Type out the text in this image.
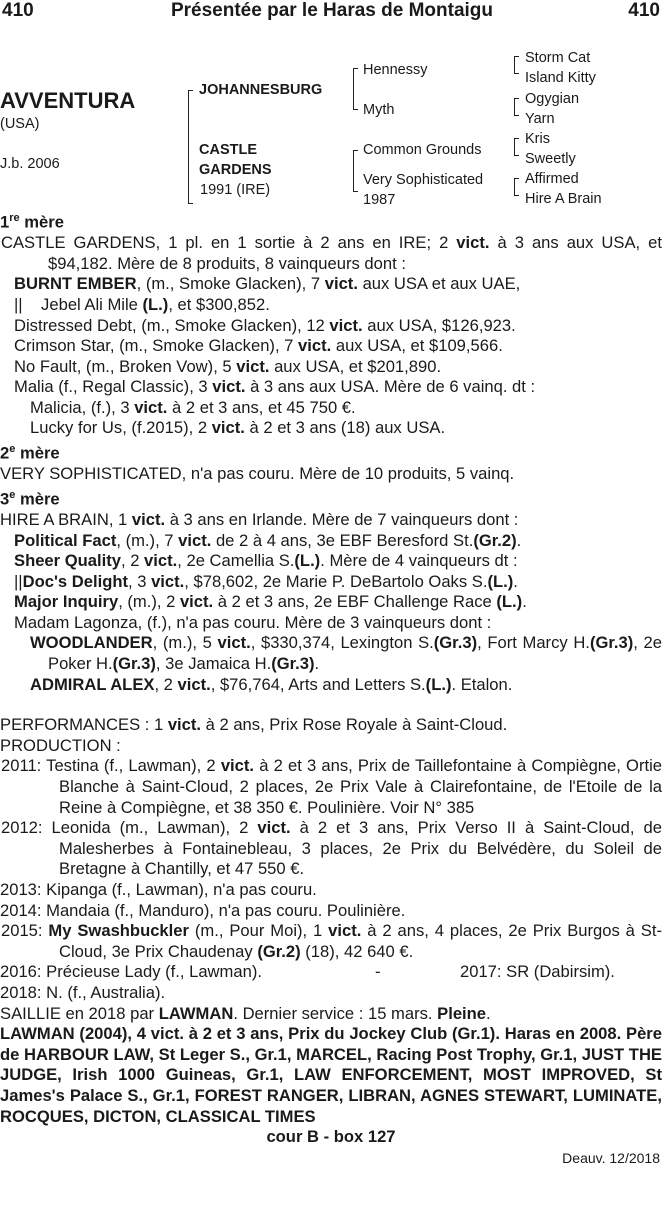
410	Présentée par le Haras de Montaigu	410
AVVENTURA
(USA)
J.b. 2006
JOHANNESBURG
CASTLE
GARDENS
1991 (IRE)
Hennessy
Myth
Common Grounds
Very Sophisticated
1987
Storm Cat
Island Kitty
Ogygian
Yarn
Kris
Sweetly
Affirmed
Hire A Brain

1re mère

CASTLE GARDENS, 1 pl. en 1 sortie à 2 ans en IRE; 2 vict. à 3 ans aux USA, et $94,182. Mère de 8 produits, 8 vainqueurs dont :

BURNT EMBER, (m., Smoke Glacken), 7 vict. aux USA et aux UAE,

||    Jebel Ali Mile (L.), et $300,852.

Distressed Debt, (m., Smoke Glacken), 12 vict. aux USA, $126,923.

Crimson Star, (m., Smoke Glacken), 7 vict. aux USA, et $109,566.

No Fault, (m., Broken Vow), 5 vict. aux USA, et $201,890.

Malia (f., Regal Classic), 3 vict. à 3 ans aux USA. Mère de 6 vainq. dt :

Malicia, (f.), 3 vict. à 2 et 3 ans, et 45 750 €.

Lucky for Us, (f.2015), 2 vict. à 2 et 3 ans (18) aux USA.

2e mère

VERY SOPHISTICATED, n'a pas couru. Mère de 10 produits, 5 vainq.

3e mère

HIRE A BRAIN, 1 vict. à 3 ans en Irlande. Mère de 7 vainqueurs dont :

Political Fact, (m.), 7 vict. de 2 à 4 ans, 3e EBF Beresford St.(Gr.2).

Sheer Quality, 2 vict., 2e Camellia S.(L.). Mère de 4 vainqueurs dt :

||Doc's Delight, 3 vict., $78,602, 2e Marie P. DeBartolo Oaks S.(L.).

Major Inquiry, (m.), 2 vict. à 2 et 3 ans, 2e EBF Challenge Race (L.).

Madam Lagonza, (f.), n'a pas couru. Mère de 3 vainqueurs dont :

WOODLANDER, (m.), 5 vict., $330,374, Lexington S.(Gr.3), Fort Marcy H.(Gr.3), 2e Poker H.(Gr.3), 3e Jamaica H.(Gr.3).

ADMIRAL ALEX, 2 vict., $76,764, Arts and Letters S.(L.). Etalon.

PERFORMANCES : 1 vict. à 2 ans, Prix Rose Royale à Saint-Cloud.

PRODUCTION :

2011: Testina (f., Lawman), 2 vict. à 2 et 3 ans, Prix de Taillefontaine à Compiègne, Ortie Blanche à Saint-Cloud, 2 places, 2e Prix Vale à Clairefontaine, de l'Etoile de la Reine à Compiègne, et 38 350 €. Poulinière. Voir N° 385

2012: Leonida (m., Lawman), 2 vict. à 2 et 3 ans, Prix Verso II à Saint-Cloud, de Malesherbes à Fontainebleau, 3 places, 2e Prix du Belvédère, du Soleil de Bretagne à Chantilly, et 47 550 €.

2013: Kipanga (f., Lawman), n'a pas couru.

2014: Mandaia (f., Manduro), n'a pas couru. Poulinière.

2015: My Swashbuckler (m., Pour Moi), 1 vict. à 2 ans, 4 places, 2e Prix Burgos à St-Cloud, 3e Prix Chaudenay (Gr.2) (18), 42 640 €.

2016: Précieuse Lady (f., Lawman).	-	2017: SR (Dabirsim).

2018: N. (f., Australia).

SAILLIE en 2018 par LAWMAN. Dernier service : 15 mars. Pleine.

LAWMAN (2004), 4 vict. à 2 et 3 ans, Prix du Jockey Club (Gr.1). Haras en 2008. Père de HARBOUR LAW, St Leger S., Gr.1, MARCEL, Racing Post Trophy, Gr.1, JUST THE JUDGE, Irish 1000 Guineas, Gr.1, LAW ENFORCEMENT, MOST IMPROVED, St James's Palace S., Gr.1, FOREST RANGER, LIBRAN, AGNES STEWART, LUMINATE, ROCQUES, DICTON, CLASSICAL TIMES

cour B - box 127

Deauv. 12/2018
